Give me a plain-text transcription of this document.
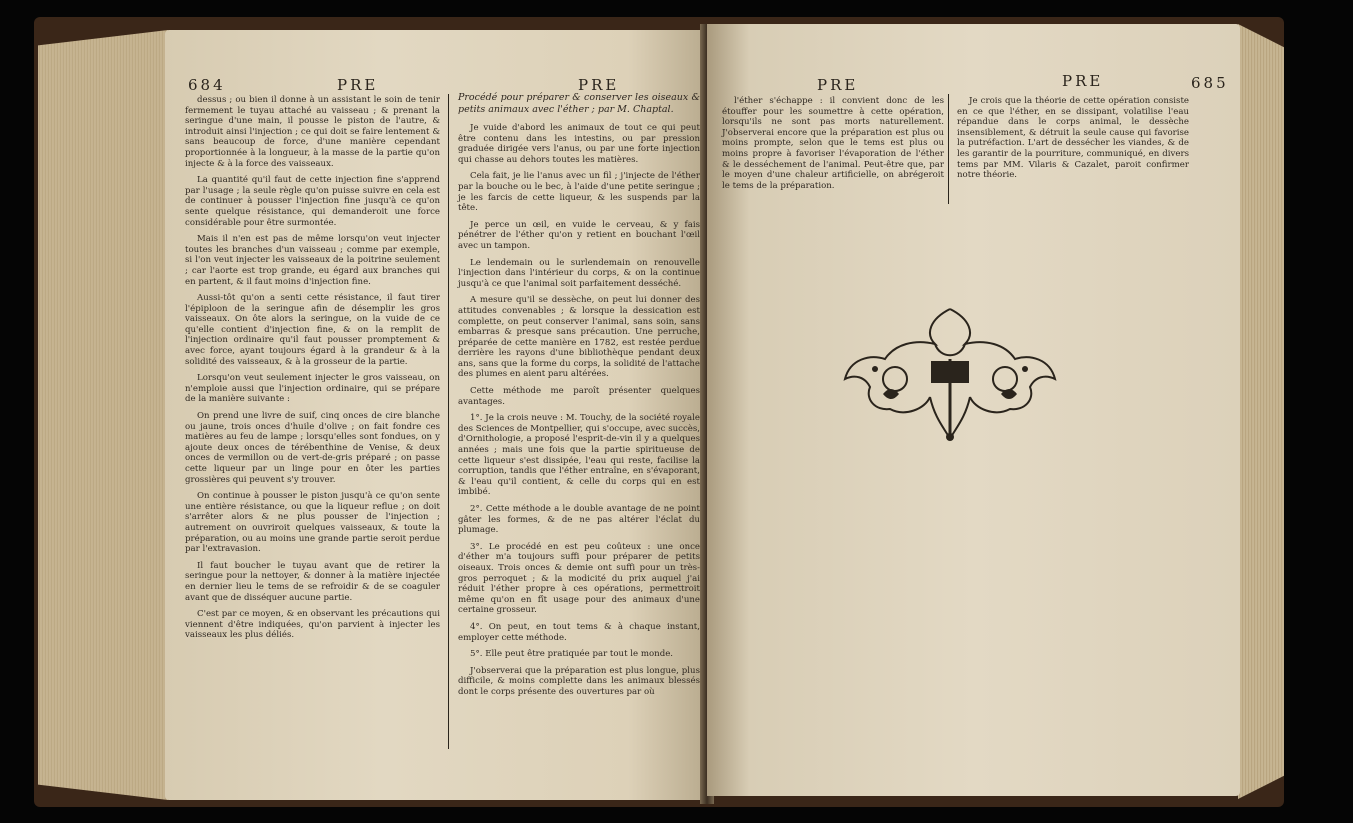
684	PRE	PRE

dessus ; ou bien il donne à un assistant le soin de tenir fermement le tuyau attaché au vaisseau ; & prenant la seringue d'une main, il pousse le piston de l'autre, & introduit ainsi l'injection ; ce qui doit se faire lentement & sans beaucoup de force, d'une manière cependant proportionnée à la longueur, à la masse de la partie qu'on injecte & à la force des vaisseaux.

La quantité qu'il faut de cette injection fine s'apprend par l'usage ; la seule règle qu'on puisse suivre en cela est de continuer à pousser l'injection fine jusqu'à ce qu'on sente quelque résistance, qui demanderoit une force considérable pour être surmontée.

Mais il n'en est pas de même lorsqu'on veut injecter toutes les branches d'un vaisseau ; comme par exemple, si l'on veut injecter les vaisseaux de la poitrine seulement ; car l'aorte est trop grande, eu égard aux branches qui en partent, & il faut moins d'injection fine.

Aussi-tôt qu'on a senti cette résistance, il faut tirer l'épiploon de la seringue afin de désemplir les gros vaisseaux. On ôte alors la seringue, on la vuide de ce qu'elle contient d'injection fine, & on la remplit de l'injection ordinaire qu'il faut pousser promptement & avec force, ayant toujours égard à la grandeur & à la solidité des vaisseaux, & à la grosseur de la partie.

Lorsqu'on veut seulement injecter le gros vaisseau, on n'emploie aussi que l'injection ordinaire, qui se prépare de la manière suivante :

On prend une livre de suif, cinq onces de cire blanche ou jaune, trois onces d'huile d'olive ; on fait fondre ces matières au feu de lampe ; lorsqu'elles sont fondues, on y ajoute deux onces de térébenthine de Venise, & deux onces de vermillon ou de vert-de-gris préparé ; on passe cette liqueur par un linge pour en ôter les parties grossières qui peuvent s'y trouver.

On continue à pousser le piston jusqu'à ce qu'on sente une entière résistance, ou que la liqueur reflue ; on doit s'arrêter alors & ne plus pousser de l'injection ; autrement on ouvriroit quelques vaisseaux, & toute la préparation, ou au moins une grande partie seroit perdue par l'extravasion.

Il faut boucher le tuyau avant que de retirer la seringue pour la nettoyer, & donner à la matière injectée en dernier lieu le tems de se refroidir & de se coaguler avant que de disséquer aucune partie.

C'est par ce moyen, & en observant les précautions qui viennent d'être indiquées, qu'on parvient à injecter les vaisseaux les plus déliés.

Procédé pour préparer & conserver les oiseaux & petits animaux avec l'éther ; par M. Chaptal.

Je vuide d'abord les animaux de tout ce qui peut être contenu dans les intestins, ou par pression graduée dirigée vers l'anus, ou par une forte injection qui chasse au dehors toutes les matières.

Cela fait, je lie l'anus avec un fil ; j'injecte de l'éther par la bouche ou le bec, à l'aide d'une petite seringue ; je les farcis de cette liqueur, & les suspends par la tête.

Je perce un œil, en vuide le cerveau, & y fais pénétrer de l'éther qu'on y retient en bouchant l'œil avec un tampon.

Le lendemain ou le surlendemain on renouvelle l'injection dans l'intérieur du corps, & on la continue jusqu'à ce que l'animal soit parfaitement desséché.

A mesure qu'il se dessèche, on peut lui donner des attitudes convenables ; & lorsque la dessication est complette, on peut conserver l'animal, sans soin, sans embarras & presque sans précaution. Une perruche, préparée de cette manière en 1782, est restée perdue derrière les rayons d'une bibliothèque pendant deux ans, sans que la forme du corps, la solidité de l'attache des plumes en aient paru altérées.

Cette méthode me paroît présenter quelques avantages.

1°. Je la crois neuve : M. Touchy, de la société royale des Sciences de Montpellier, qui s'occupe, avec succès, d'Ornithologie, a proposé l'esprit-de-vin il y a quelques années ; mais une fois que la partie spiritueuse de cette liqueur s'est dissipée, l'eau qui reste, facilise la corruption, tandis que l'éther entraîne, en s'évaporant, & l'eau qu'il contient, & celle du corps qui en est imbibé.

2°. Cette méthode a le double avantage de ne point gâter les formes, & de ne pas altérer l'éclat du plumage.

3°. Le procédé en est peu coûteux : une once d'éther m'a toujours suffi pour préparer de petits oiseaux. Trois onces & demie ont suffi pour un très-gros perroquet ; & la modicité du prix auquel j'ai réduit l'éther propre à ces opérations, permettroit même qu'on en fît usage pour des animaux d'une certaine grosseur.

4°. On peut, en tout tems & à chaque instant, employer cette méthode.

5°. Elle peut être pratiquée par tout le monde.

J'observerai que la préparation est plus longue, plus difficile, & moins complette dans les animaux blessés dont le corps présente des ouvertures par où

PRE	PRE	685

l'éther s'échappe : il convient donc de les étouffer pour les soumettre à cette opération, lorsqu'ils ne sont pas morts naturellement. J'observerai encore que la préparation est plus ou moins prompte, selon que le tems est plus ou moins propre à favoriser l'évaporation de l'éther & le desséchement de l'animal. Peut-être que, par le moyen d'une chaleur artificielle, on abrégeroit le tems de la préparation.

Je crois que la théorie de cette opération consiste en ce que l'éther, en se dissipant, volatilise l'eau répandue dans le corps animal, le dessèche insensiblement, & détruit la seule cause qui favorise la putréfaction. L'art de dessécher les viandes, & de les garantir de la pourriture, communiqué, en divers tems par MM. Vilaris & Cazalet, paroit confirmer notre théorie.
